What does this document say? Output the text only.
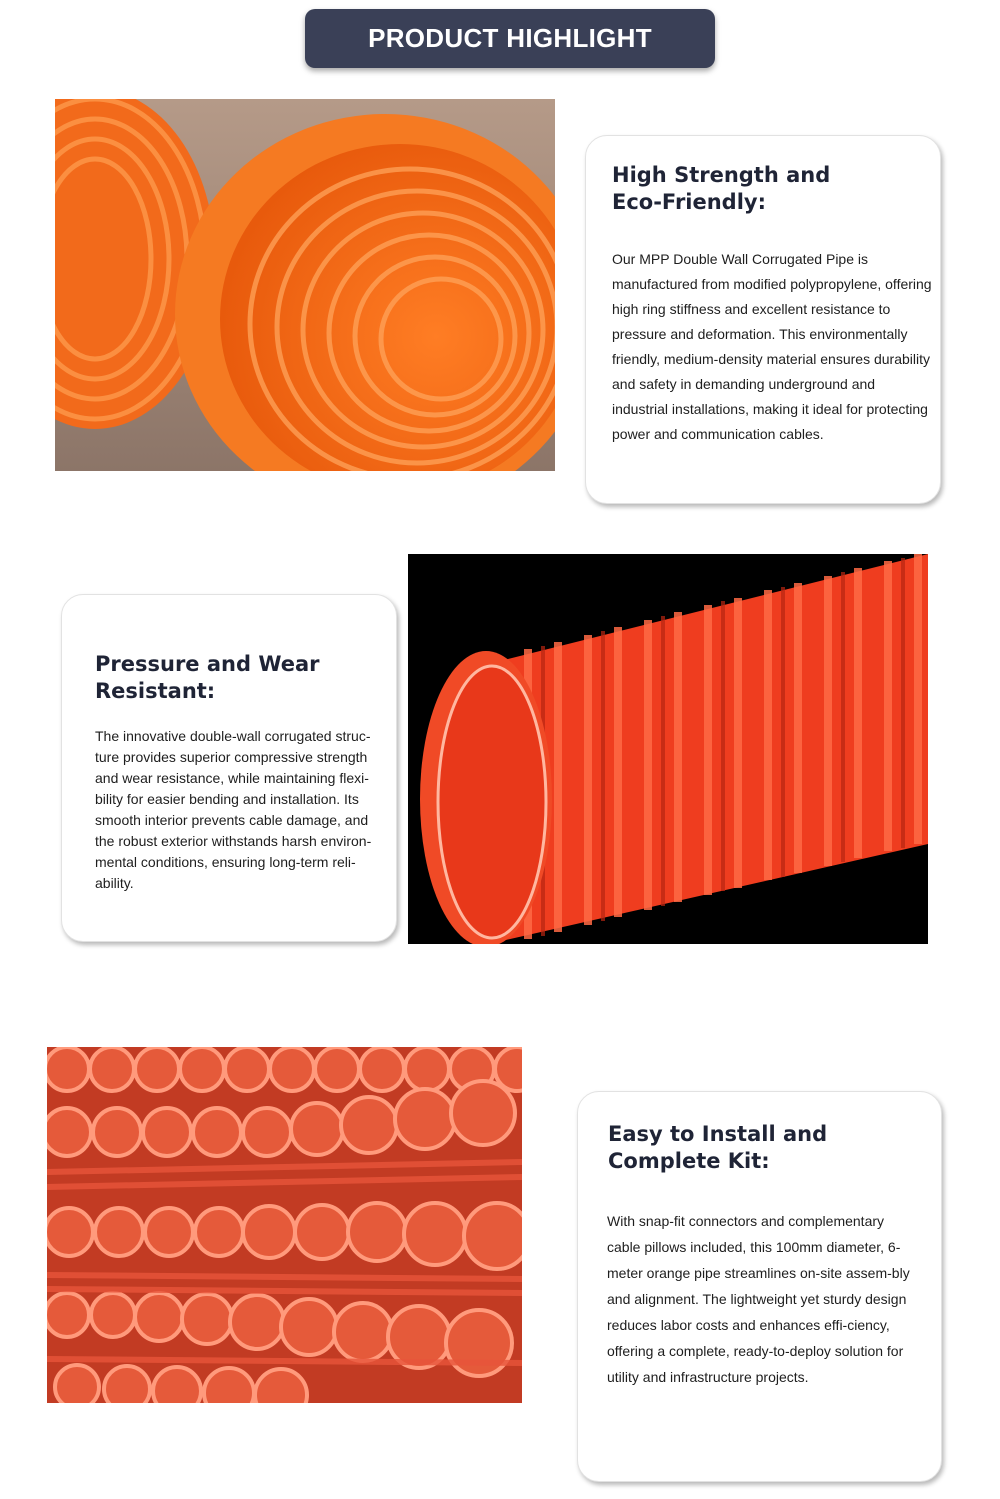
PRODUCT HIGHLIGHT
High Strength and
Eco-Friendly:

Our MPP Double Wall Corrugated Pipe is manufactured from modified polypropylene, offering high ring stiffness and excellent resistance to pressure and deformation. This environmentally friendly, medium-density material ensures durability and safety in demanding underground and industrial installations, making it ideal for protecting power and communication cables.

Pressure and Wear
Resistant:

The innovative double-wall corrugated struc-ture provides superior compressive strength and wear resistance, while maintaining flexi-bility for easier bending and installation. Its smooth interior prevents cable damage, and the robust exterior withstands harsh environ-mental conditions, ensuring long-term reli-ability.

Easy to Install and
Complete Kit:

With snap-fit connectors and complementary cable pillows included, this 100mm diameter, 6-meter orange pipe streamlines on-site assem-bly and alignment. The lightweight yet sturdy design reduces labor costs and enhances effi-ciency, offering a complete, ready-to-deploy solution for utility and infrastructure projects.
